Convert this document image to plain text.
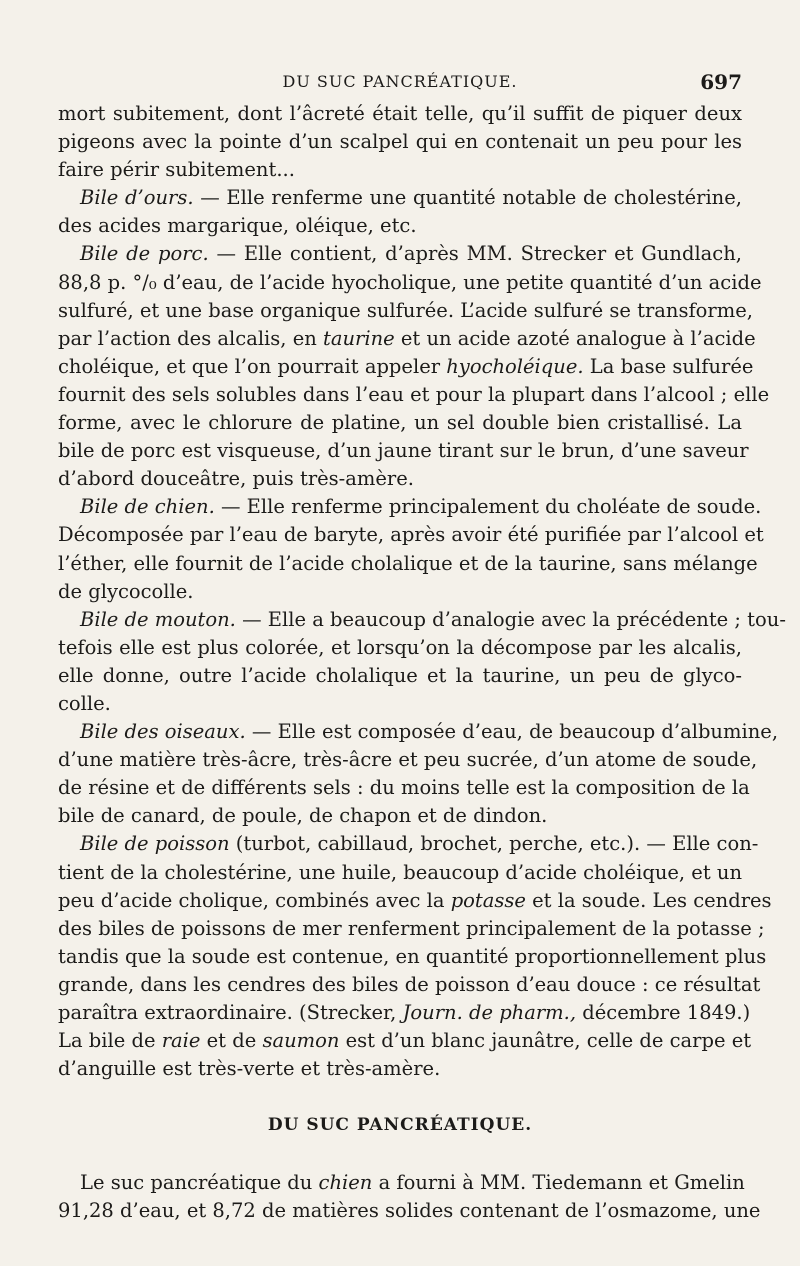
DU SUC PANCRÉATIQUE.	697
mort subitement, dont l’âcreté était telle, qu’il suffit de piquer deux
pigeons avec la pointe d’un scalpel qui en contenait un peu pour les
faire périr subitement...
Bile d’ours. — Elle renferme une quantité notable de cholestérine,
des acides margarique, oléique, etc.
Bile de porc. — Elle contient, d’après MM. Strecker et Gundlach,
88,8 p. °/₀ d’eau, de l’acide hyocholique, une petite quantité d’un acide
sulfuré, et une base organique sulfurée. L’acide sulfuré se transforme,
par l’action des alcalis, en taurine et un acide azoté analogue à l’acide
choléique, et que l’on pourrait appeler hyocholéique. La base sulfurée
fournit des sels solubles dans l’eau et pour la plupart dans l’alcool ; elle
forme, avec le chlorure de platine, un sel double bien cristallisé. La
bile de porc est visqueuse, d’un jaune tirant sur le brun, d’une saveur
d’abord douceâtre, puis très-amère.
Bile de chien. — Elle renferme principalement du choléate de soude.
Décomposée par l’eau de baryte, après avoir été purifiée par l’alcool et
l’éther, elle fournit de l’acide cholalique et de la taurine, sans mélange
de glycocolle.
Bile de mouton. — Elle a beaucoup d’analogie avec la précédente ; tou-
tefois elle est plus colorée, et lorsqu’on la décompose par les alcalis,
elle donne, outre l’acide cholalique et la taurine, un peu de glyco-
colle.
Bile des oiseaux. — Elle est composée d’eau, de beaucoup d’albumine,
d’une matière très-âcre, très-âcre et peu sucrée, d’un atome de soude,
de résine et de différents sels : du moins telle est la composition de la
bile de canard, de poule, de chapon et de dindon.
Bile de poisson (turbot, cabillaud, brochet, perche, etc.). — Elle con-
tient de la cholestérine, une huile, beaucoup d’acide choléique, et un
peu d’acide cholique, combinés avec la potasse et la soude. Les cendres
des biles de poissons de mer renferment principalement de la potasse ;
tandis que la soude est contenue, en quantité proportionnellement plus
grande, dans les cendres des biles de poisson d’eau douce : ce résultat
paraîtra extraordinaire. (Strecker, Journ. de pharm., décembre 1849.)
La bile de raie et de saumon est d’un blanc jaunâtre, celle de carpe et
d’anguille est très-verte et très-amère.
DU SUC PANCRÉATIQUE.
Le suc pancréatique du chien a fourni à MM. Tiedemann et Gmelin
91,28 d’eau, et 8,72 de matières solides contenant de l’osmazome, une
